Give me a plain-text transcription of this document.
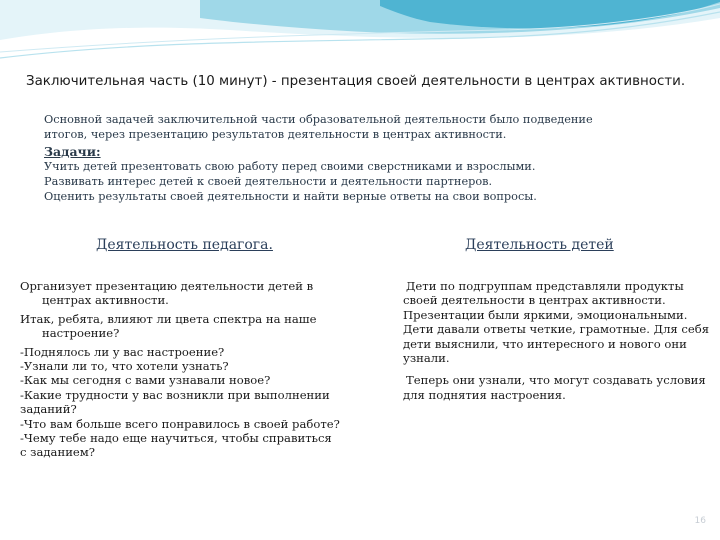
Заключительная часть (10 минут) - презентация своей деятельности в центрах активности.

Основной задачей заключительной части образовательной деятельности было подведение итогов, через презентацию результатов деятельности в центрах активности.

Задачи:

Учить детей презентовать свою работу перед своими сверстниками и взрослыми.

Развивать интерес детей к своей деятельности и деятельности партнеров.

Оценить результаты своей деятельности и найти верные ответы на свои вопросы.

Деятельность педагога.	Деятельность детей

Организует презентацию деятельности детей в центрах активности.

Итак, ребята, влияют ли цвета спектра на наше настроение?

-Поднялось ли у вас настроение?

-Узнали ли то, что хотели узнать?

-Как мы сегодня с вами узнавали новое?

-Какие трудности у вас возникли при выполнении заданий?

-Что вам больше всего понравилось в своей работе?

-Чему тебе надо еще научиться, чтобы справиться с заданием?

Дети по подгруппам представляли продукты своей деятельности в центрах активности. Презентации были яркими, эмоциональными. Дети давали ответы четкие, грамотные. Для себя дети выяснили, что интересного и нового они узнали.

Теперь они узнали, что могут создавать условия для поднятия настроения.

16
